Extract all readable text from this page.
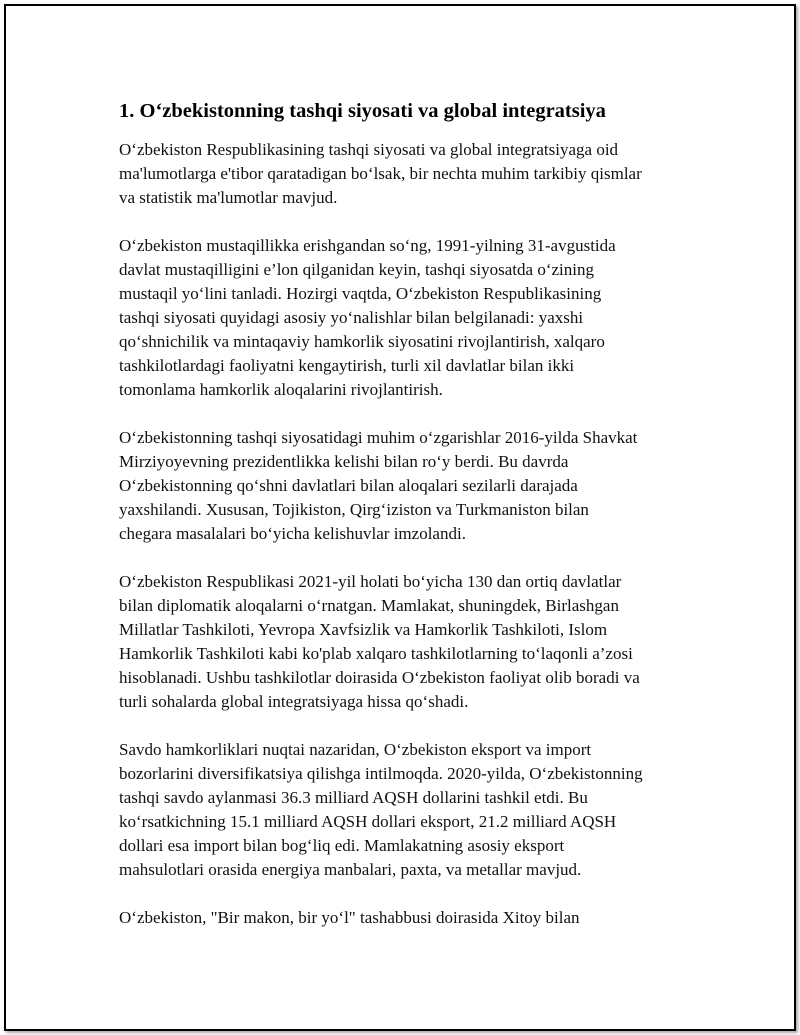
1. O‘zbekistonning tashqi siyosati va global integratsiya

O‘zbekiston Respublikasining tashqi siyosati va global integratsiyaga oid
ma'lumotlarga e'tibor qaratadigan bo‘lsak, bir nechta muhim tarkibiy qismlar
va statistik ma'lumotlar mavjud.

O‘zbekiston mustaqillikka erishgandan so‘ng, 1991-yilning 31-avgustida
davlat mustaqilligini e’lon qilganidan keyin, tashqi siyosatda o‘zining
mustaqil yo‘lini tanladi. Hozirgi vaqtda, O‘zbekiston Respublikasining
tashqi siyosati quyidagi asosiy yo‘nalishlar bilan belgilanadi: yaxshi
qo‘shnichilik va mintaqaviy hamkorlik siyosatini rivojlantirish, xalqaro
tashkilotlardagi faoliyatni kengaytirish, turli xil davlatlar bilan ikki
tomonlama hamkorlik aloqalarini rivojlantirish.

O‘zbekistonning tashqi siyosatidagi muhim o‘zgarishlar 2016-yilda Shavkat
Mirziyoyevning prezidentlikka kelishi bilan ro‘y berdi. Bu davrda
O‘zbekistonning qo‘shni davlatlari bilan aloqalari sezilarli darajada
yaxshilandi. Xususan, Tojikiston, Qirg‘iziston va Turkmaniston bilan
chegara masalalari bo‘yicha kelishuvlar imzolandi.

O‘zbekiston Respublikasi 2021-yil holati bo‘yicha 130 dan ortiq davlatlar
bilan diplomatik aloqalarni o‘rnatgan. Mamlakat, shuningdek, Birlashgan
Millatlar Tashkiloti, Yevropa Xavfsizlik va Hamkorlik Tashkiloti, Islom
Hamkorlik Tashkiloti kabi ko'plab xalqaro tashkilotlarning to‘laqonli a’zosi
hisoblanadi. Ushbu tashkilotlar doirasida O‘zbekiston faoliyat olib boradi va
turli sohalarda global integratsiyaga hissa qo‘shadi.

Savdo hamkorliklari nuqtai nazaridan, O‘zbekiston eksport va import
bozorlarini diversifikatsiya qilishga intilmoqda. 2020-yilda, O‘zbekistonning
tashqi savdo aylanmasi 36.3 milliard AQSH dollarini tashkil etdi. Bu
ko‘rsatkichning 15.1 milliard AQSH dollari eksport, 21.2 milliard AQSH
dollari esa import bilan bog‘liq edi. Mamlakatning asosiy eksport
mahsulotlari orasida energiya manbalari, paxta, va metallar mavjud.

O‘zbekiston, "Bir makon, bir yo‘l" tashabbusi doirasida Xitoy bilan
